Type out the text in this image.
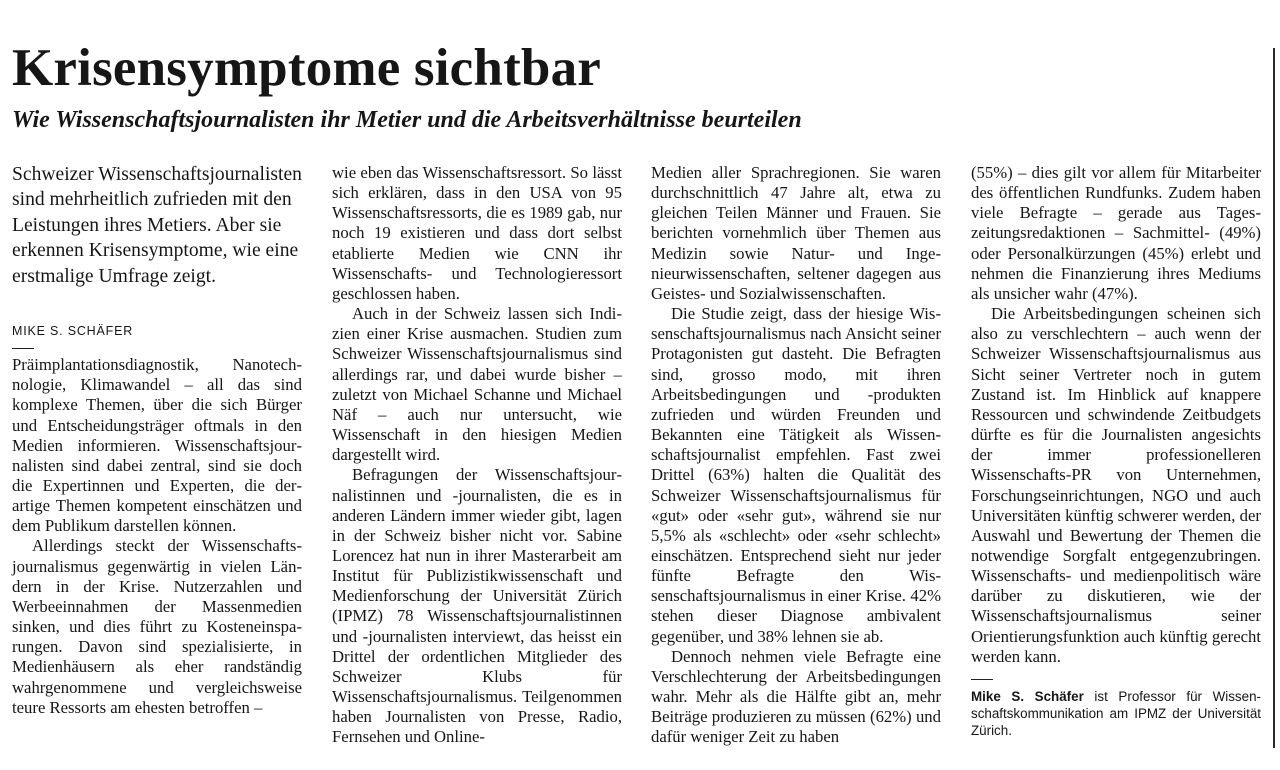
Krisensymptome sichtbar
Wie Wissenschaftsjournalisten ihr Metier und die Arbeitsverhältnisse beurteilen

Schweizer Wissenschaftsjournalisten sind mehrheitlich zufrieden mit den Leistungen ihres Metiers. Aber sie erkennen Krisensymptome, wie eine erstmalige Umfrage zeigt.

MIKE S. SCHÄFER

Präimplantationsdiagnostik, Nanotechnologie, Klimawandel – all das sind komplexe Themen, über die sich Bürger und Entscheidungsträger oftmals in den Medien informieren. Wissenschaftsjournalisten sind dabei zentral, sind sie doch die Expertinnen und Experten, die derartige Themen kompetent einschätzen und dem Publikum darstellen können.

Allerdings steckt der Wissenschaftsjournalismus gegenwärtig in vielen Ländern in der Krise. Nutzerzahlen und Werbeeinnahmen der Massenmedien sinken, und dies führt zu Kosteneinsparungen. Davon sind spezialisierte, in Medienhäusern als eher randständig wahrgenommene und vergleichsweise teure Ressorts am ehesten betroffen –

wie eben das Wissenschaftsressort. So lässt sich erklären, dass in den USA von 95 Wissenschaftsressorts, die es 1989 gab, nur noch 19 existieren und dass dort selbst etablierte Medien wie CNN ihr Wissenschafts- und Technologieressort geschlossen haben.

Auch in der Schweiz lassen sich Indizien einer Krise ausmachen. Studien zum Schweizer Wissenschaftsjournalismus sind allerdings rar, und dabei wurde bisher – zuletzt von Michael Schanne und Michael Näf – auch nur untersucht, wie Wissenschaft in den hiesigen Medien dargestellt wird.

Befragungen der Wissenschaftsjournalistinnen und -journalisten, die es in anderen Ländern immer wieder gibt, lagen in der Schweiz bisher nicht vor. Sabine Lorencez hat nun in ihrer Masterarbeit am Institut für Publizistikwissenschaft und Medienforschung der Universität Zürich (IPMZ) 78 Wissenschaftsjournalistinnen und -journalisten interviewt, das heisst ein Drittel der ordentlichen Mitglieder des Schweizer Klubs für Wissenschaftsjournalismus. Teilgenommen haben Journalisten von Presse, Radio, Fernsehen und Online-

Medien aller Sprachregionen. Sie waren durchschnittlich 47 Jahre alt, etwa zu gleichen Teilen Männer und Frauen. Sie berichten vornehmlich über Themen aus Medizin sowie Natur- und Ingenieurwissenschaften, seltener dagegen aus Geistes- und Sozialwissenschaften.

Die Studie zeigt, dass der hiesige Wissenschaftsjournalismus nach Ansicht seiner Protagonisten gut dasteht. Die Befragten sind, grosso modo, mit ihren Arbeitsbedingungen und -produkten zufrieden und würden Freunden und Bekannten eine Tätigkeit als Wissenschaftsjournalist empfehlen. Fast zwei Drittel (63%) halten die Qualität des Schweizer Wissenschaftsjournalismus für «gut» oder «sehr gut», während sie nur 5,5% als «schlecht» oder «sehr schlecht» einschätzen. Entsprechend sieht nur jeder fünfte Befragte den Wissenschaftsjournalismus in einer Krise. 42% stehen dieser Diagnose ambivalent gegenüber, und 38% lehnen sie ab.

Dennoch nehmen viele Befragte eine Verschlechterung der Arbeitsbedingungen wahr. Mehr als die Hälfte gibt an, mehr Beiträge produzieren zu müssen (62%) und dafür weniger Zeit zu haben

(55%) – dies gilt vor allem für Mitarbeiter des öffentlichen Rundfunks. Zudem haben viele Befragte – gerade aus Tageszeitungsredaktionen – Sachmittel- (49%) oder Personalkürzungen (45%) erlebt und nehmen die Finanzierung ihres Mediums als unsicher wahr (47%).

Die Arbeitsbedingungen scheinen sich also zu verschlechtern – auch wenn der Schweizer Wissenschaftsjournalismus aus Sicht seiner Vertreter noch in gutem Zustand ist. Im Hinblick auf knappere Ressourcen und schwindende Zeitbudgets dürfte es für die Journalisten angesichts der immer professionelleren Wissenschafts-PR von Unternehmen, Forschungseinrichtungen, NGO und auch Universitäten künftig schwerer werden, der Auswahl und Bewertung der Themen die notwendige Sorgfalt entgegenzubringen. Wissenschafts- und medienpolitisch wäre darüber zu diskutieren, wie der Wissenschaftsjournalismus seiner Orientierungsfunktion auch künftig gerecht werden kann.

Mike S. Schäfer ist Professor für Wissenschaftskommunikation am IPMZ der Universität Zürich.
